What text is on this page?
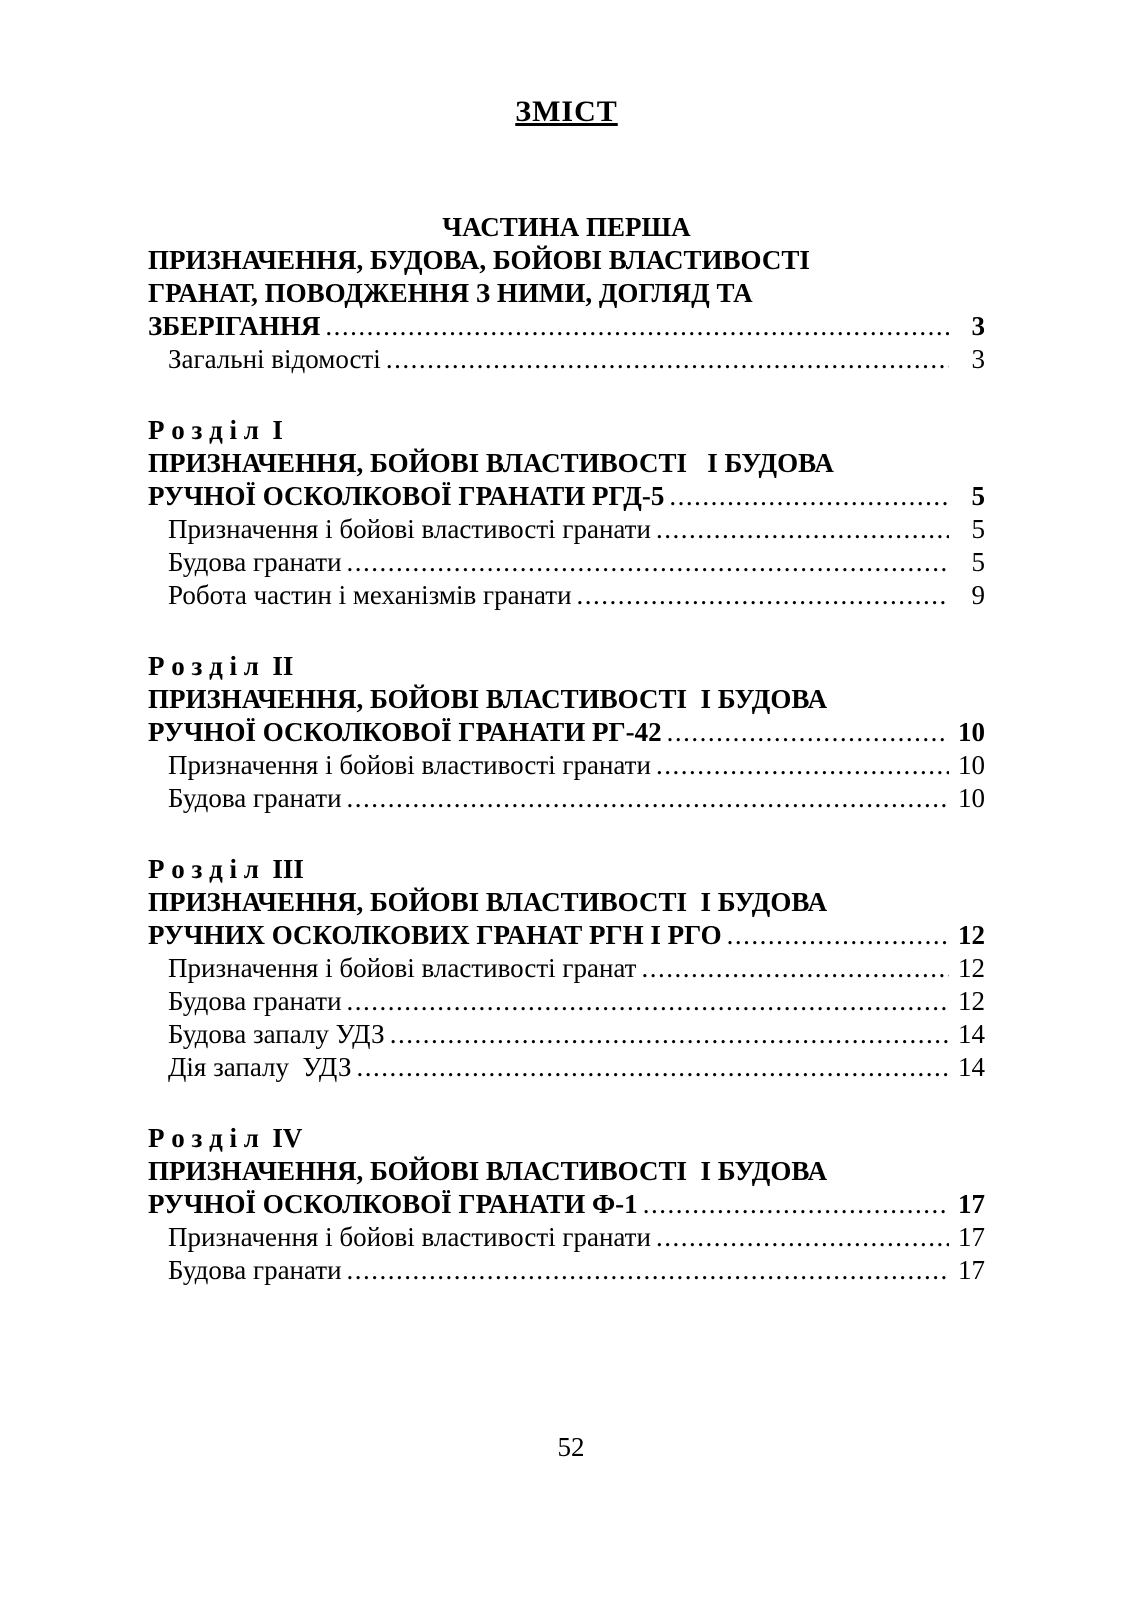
ЗМІСТ
ЧАСТИНА ПЕРША
ПРИЗНАЧЕННЯ, БУДОВА, БОЙОВІ ВЛАСТИВОСТІ
ГРАНАТ, ПОВОДЖЕННЯ З НИМИ, ДОГЛЯД ТА
ЗБЕРІГАННЯ .....	3
Загальні відомості .....	3
Р о з д і л  I
ПРИЗНАЧЕННЯ, БОЙОВІ ВЛАСТИВОСТІ   І БУДОВА
РУЧНОЇ ОСКОЛКОВОЇ ГРАНАТИ РГД-5 .....	5
Призначення і бойові властивості гранати .....	5
Будова гранати .....	5
Робота частин і механізмів гранати .....	9
Р о з д і л  II
ПРИЗНАЧЕННЯ, БОЙОВІ ВЛАСТИВОСТІ  І БУДОВА
РУЧНОЇ ОСКОЛКОВОЇ ГРАНАТИ РГ-42 .....	10
Призначення і бойові властивості гранати .....	10
Будова гранати .....	10
Р о з д і л  III
ПРИЗНАЧЕННЯ, БОЙОВІ ВЛАСТИВОСТІ  І БУДОВА
РУЧНИХ ОСКОЛКОВИХ ГРАНАТ РГН І РГО .....	12
Призначення і бойові властивості гранат .....	12
Будова гранати .....	12
Будова запалу УДЗ .....	14
Дія запалу  УДЗ .....	14
Р о з д і л  IV
ПРИЗНАЧЕННЯ, БОЙОВІ ВЛАСТИВОСТІ  І БУДОВА
РУЧНОЇ ОСКОЛКОВОЇ ГРАНАТИ Ф-1 .....	17
Призначення і бойові властивості гранати .....	17
Будова гранати .....	17
52
